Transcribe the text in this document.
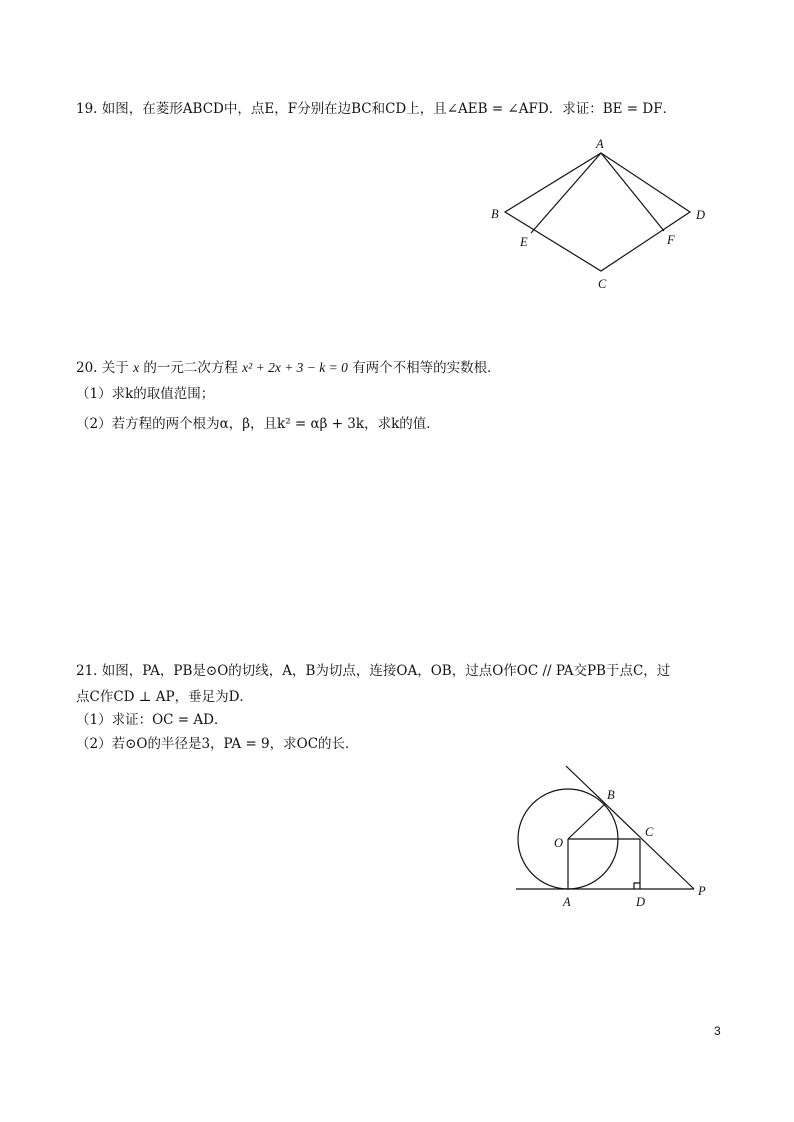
19. 如图，在菱形ABCD中，点E，F分别在边BC和CD上，且∠AEB = ∠AFD．求证：BE = DF．
A
B	D
E	F
C
20. 关于 x 的一元二次方程 x² + 2x + 3 − k = 0 有两个不相等的实数根．
（1）求k的取值范围；
（2）若方程的两个根为α，β，且k² = αβ + 3k，求k的值．
21. 如图，PA，PB是⊙O的切线，A，B为切点，连接OA，OB，过点O作OC // PA交PB于点C，过
点C作CD ⊥ AP，垂足为D．
（1）求证：OC = AD．
（2）若⊙O的半径是3，PA = 9，求OC的长．
B
C
O
P
A	D
3
